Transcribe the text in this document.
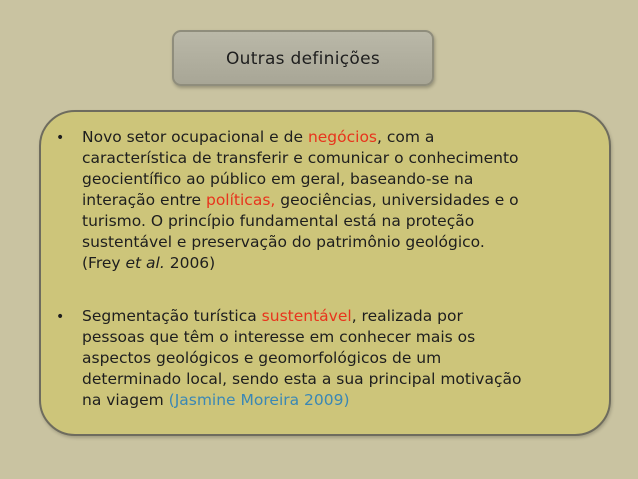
Outras definições
• Novo setor ocupacional e de negócios, com a
característica de transferir e comunicar o conhecimento
geocientífico ao público em geral, baseando-se na
interação entre políticas, geociências, universidades e o
turismo. O princípio fundamental está na proteção
sustentável e preservação do patrimônio geológico.
(Frey et al. 2006)
• Segmentação turística sustentável, realizada por
pessoas que têm o interesse em conhecer mais os
aspectos geológicos e geomorfológicos de um
determinado local, sendo esta a sua principal motivação
na viagem (Jasmine Moreira 2009)
